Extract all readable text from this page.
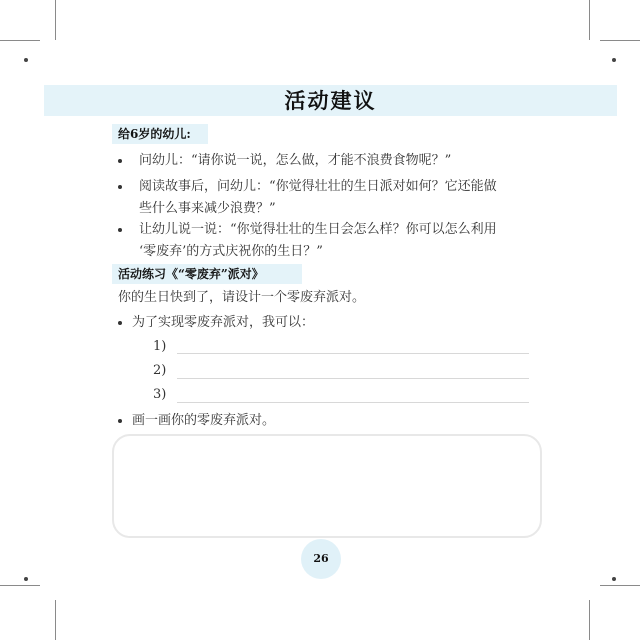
活动建议
给6岁的幼儿:
问幼儿：“请你说一说，怎么做，才能不浪费食物呢？”
阅读故事后，问幼儿：“你觉得壮壮的生日派对如何？它还能做
些什么事来减少浪费？”
让幼儿说一说：“你觉得壮壮的生日会怎么样？你可以怎么利用
‘零废弃’的方式庆祝你的生日？”
活动练习《“零废弃”派对》
你的生日快到了，请设计一个零废弃派对。
为了实现零废弃派对，我可以：
1)
2)
3)
画一画你的零废弃派对。
26
